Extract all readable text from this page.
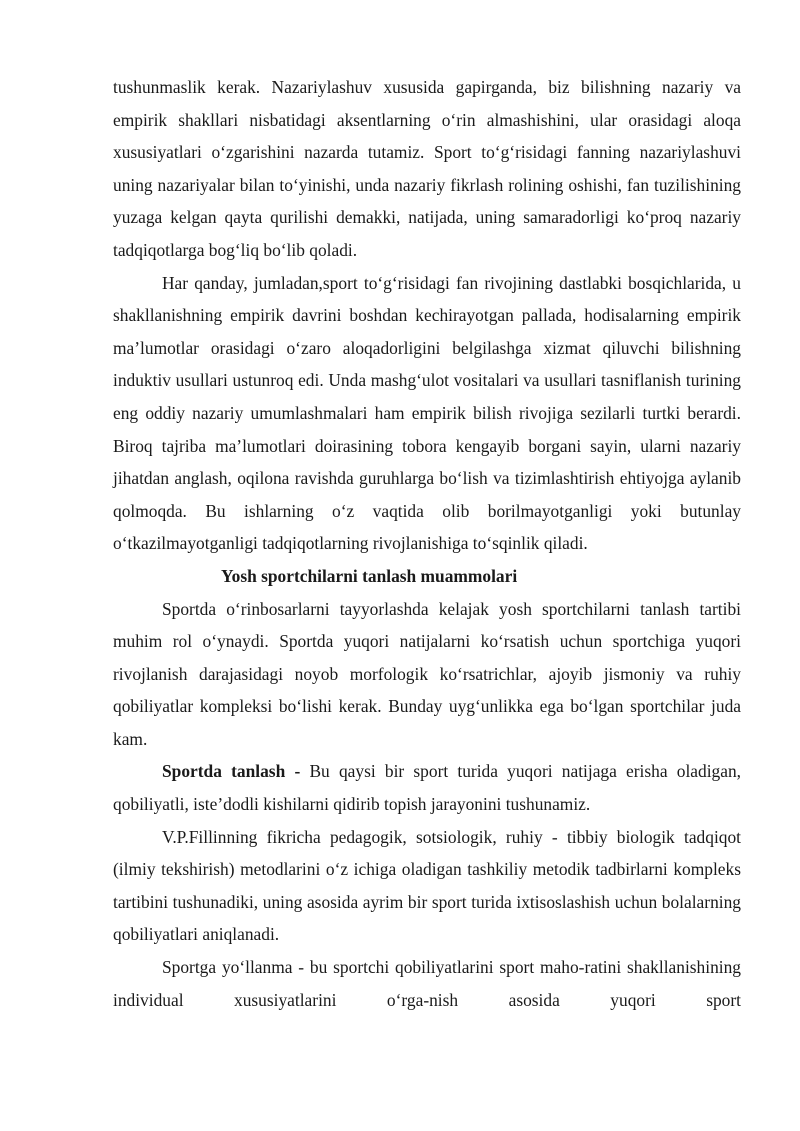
tushunmaslik kerak. Nazariylashuv xususida gapirganda, biz bilishning nazariy va empirik shakllari nisbatidagi aksentlarning o‘rin almashishini, ular orasidagi aloqa xususiyatlari o‘zgarishini nazarda tutamiz. Sport to‘g‘risidagi fanning nazariylashuvi uning nazariyalar bilan to‘yinishi, unda nazariy fikrlash rolining oshishi, fan tuzilishining yuzaga kelgan qayta qurilishi demakki, natijada, uning samaradorligi ko‘proq nazariy tadqiqotlarga bog‘liq bo‘lib qoladi.

Har qanday, jumladan,sport to‘g‘risidagi fan rivojining dastlabki bosqichlarida, u shakllanishning empirik davrini boshdan kechirayotgan pallada, hodisalarning empirik ma’lumotlar orasidagi o‘zaro aloqadorligini belgilashga xizmat qiluvchi bilishning induktiv usullari ustunroq edi. Unda mashg‘ulot vositalari va usullari tasniflanish turining eng oddiy nazariy umumlashmalari ham empirik bilish rivojiga sezilarli turtki berardi. Biroq tajriba ma’lumotlari doirasining tobora kengayib borgani sayin, ularni nazariy jihatdan anglash, oqilona ravishda guruhlarga bo‘lish va tizimlashtirish ehtiyojga aylanib qolmoqda. Bu ishlarning o‘z vaqtida olib borilmayotganligi yoki butunlay o‘tkazilmayotganligi tadqiqotlarning rivojlanishiga to‘sqinlik qiladi.

Yosh sportchilarni tanlash muammolari

Sportda o‘rinbosarlarni tayyorlashda kelajak yosh sportchilarni tanlash tartibi muhim rol o‘ynaydi. Sportda yuqori natijalarni ko‘rsatish uchun sportchiga yuqori rivojlanish darajasidagi noyob morfologik ko‘rsatrichlar, ajoyib jismoniy va ruhiy qobiliyatlar kompleksi bo‘lishi kerak. Bunday uyg‘unlikka ega bo‘lgan sportchilar juda kam.

Sportda tanlash - Bu qaysi bir sport turida yuqori natijaga erisha oladigan, qobiliyatli, iste’dodli kishilarni qidirib topish jarayonini tushunamiz.

V.P.Fillinning fikricha pedagogik, sotsiologik, ruhiy - tibbiy biologik tadqiqot (ilmiy tekshirish) metodlarini o‘z ichiga oladigan tashkiliy metodik tadbirlarni kompleks tartibini tushunadiki, uning asosida ayrim bir sport turida ixtisoslashish uchun bolalarning qobiliyatlari aniqlanadi.

Sportga yo‘llanma - bu sportchi qobiliyatlarini sport maho-ratini shakllanishining individual xususiyatlarini o‘rga-nish asosida yuqori sport
